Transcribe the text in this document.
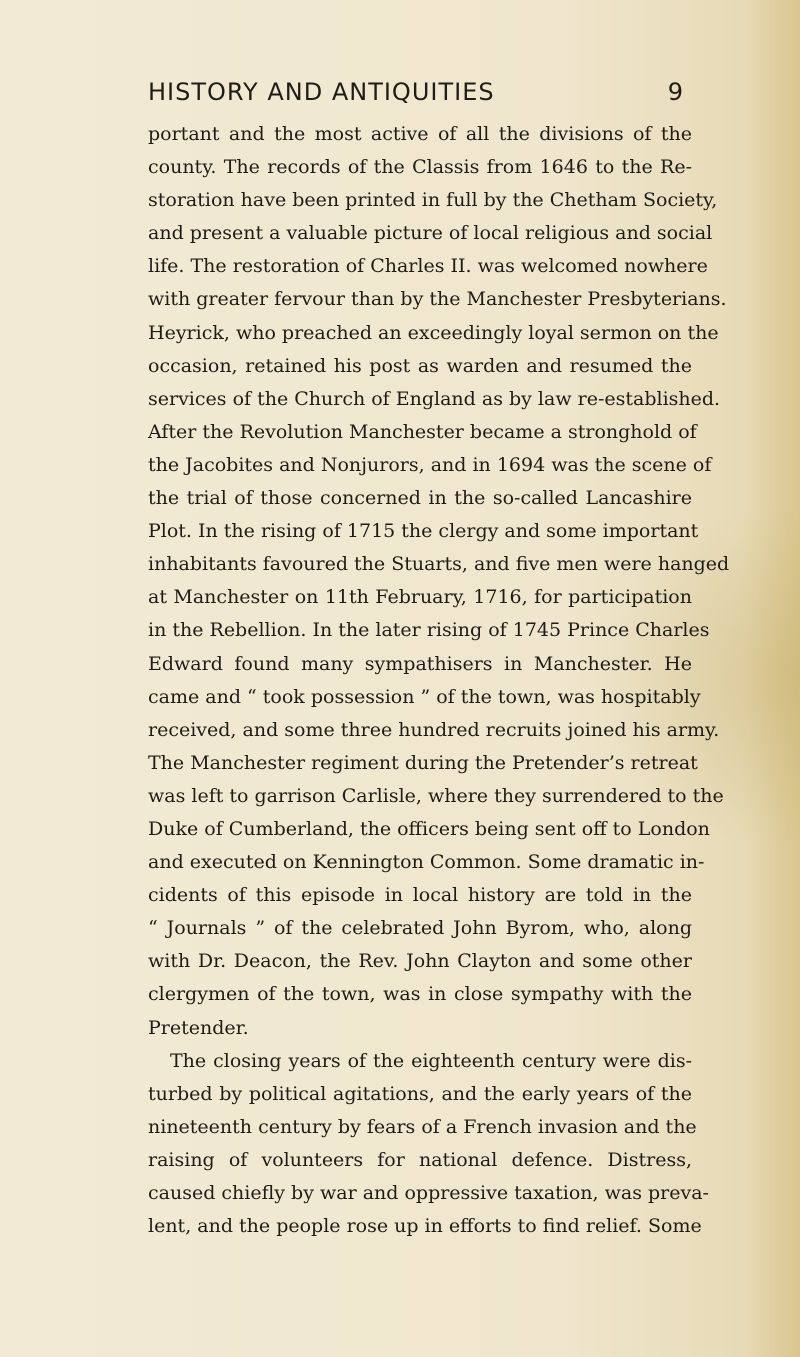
HISTORY AND ANTIQUITIES	9
portant and the most active of all the divisions of the
county. The records of the Classis from 1646 to the Re-
storation have been printed in full by the Chetham Society,
and present a valuable picture of local religious and social
life. The restoration of Charles II. was welcomed nowhere
with greater fervour than by the Manchester Presbyterians.
Heyrick, who preached an exceedingly loyal sermon on the
occasion, retained his post as warden and resumed the
services of the Church of England as by law re-established.
After the Revolution Manchester became a stronghold of
the Jacobites and Nonjurors, and in 1694 was the scene of
the trial of those concerned in the so-called Lancashire
Plot. In the rising of 1715 the clergy and some important
inhabitants favoured the Stuarts, and five men were hanged
at Manchester on 11th February, 1716, for participation
in the Rebellion. In the later rising of 1745 Prince Charles
Edward found many sympathisers in Manchester. He
came and “ took possession ” of the town, was hospitably
received, and some three hundred recruits joined his army.
The Manchester regiment during the Pretender’s retreat
was left to garrison Carlisle, where they surrendered to the
Duke of Cumberland, the officers being sent off to London
and executed on Kennington Common. Some dramatic in-
cidents of this episode in local history are told in the
“ Journals ” of the celebrated John Byrom, who, along
with Dr. Deacon, the Rev. John Clayton and some other
clergymen of the town, was in close sympathy with the
Pretender.
The closing years of the eighteenth century were dis-
turbed by political agitations, and the early years of the
nineteenth century by fears of a French invasion and the
raising of volunteers for national defence. Distress,
caused chiefly by war and oppressive taxation, was preva-
lent, and the people rose up in efforts to find relief. Some
